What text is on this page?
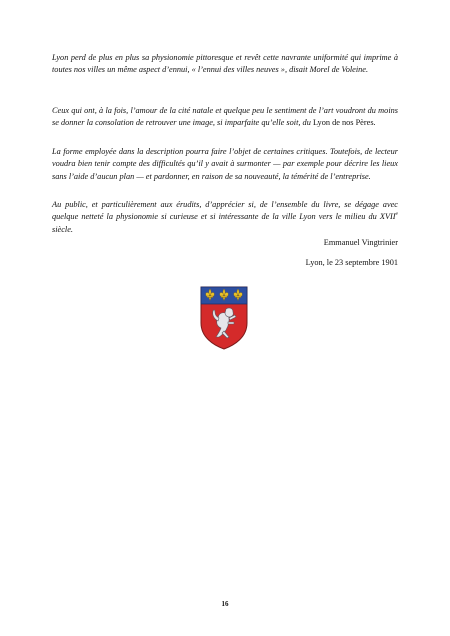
Lyon perd de plus en plus sa physionomie pittoresque et revêt cette navrante uniformité qui imprime à toutes nos villes un même aspect d’ennui, « l’ennui des villes neuves », disait Morel de Voleine.

Ceux qui ont, à la fois, l’amour de la cité natale et quelque peu le sentiment de l’art voudront du moins se donner la consolation de retrouver une image, si imparfaite qu’elle soit, du Lyon de nos Pères.

La forme employée dans la description pourra faire l’objet de certaines critiques. Toutefois, de lecteur voudra bien tenir compte des difficultés qu’il y avait à surmonter — par exemple pour décrire les lieux sans l’aide d’aucun plan — et pardonner, en raison de sa nouveauté, la témérité de l’entreprise.

Au public, et particulièrement aux érudits, d’apprécier si, de l’ensemble du livre, se dégage avec quelque netteté la physionomie si curieuse et si intéressante de la ville Lyon vers le milieu du XVIIe siècle.

Emmanuel Vingtrinier
Lyon, le 23 septembre 1901
16
